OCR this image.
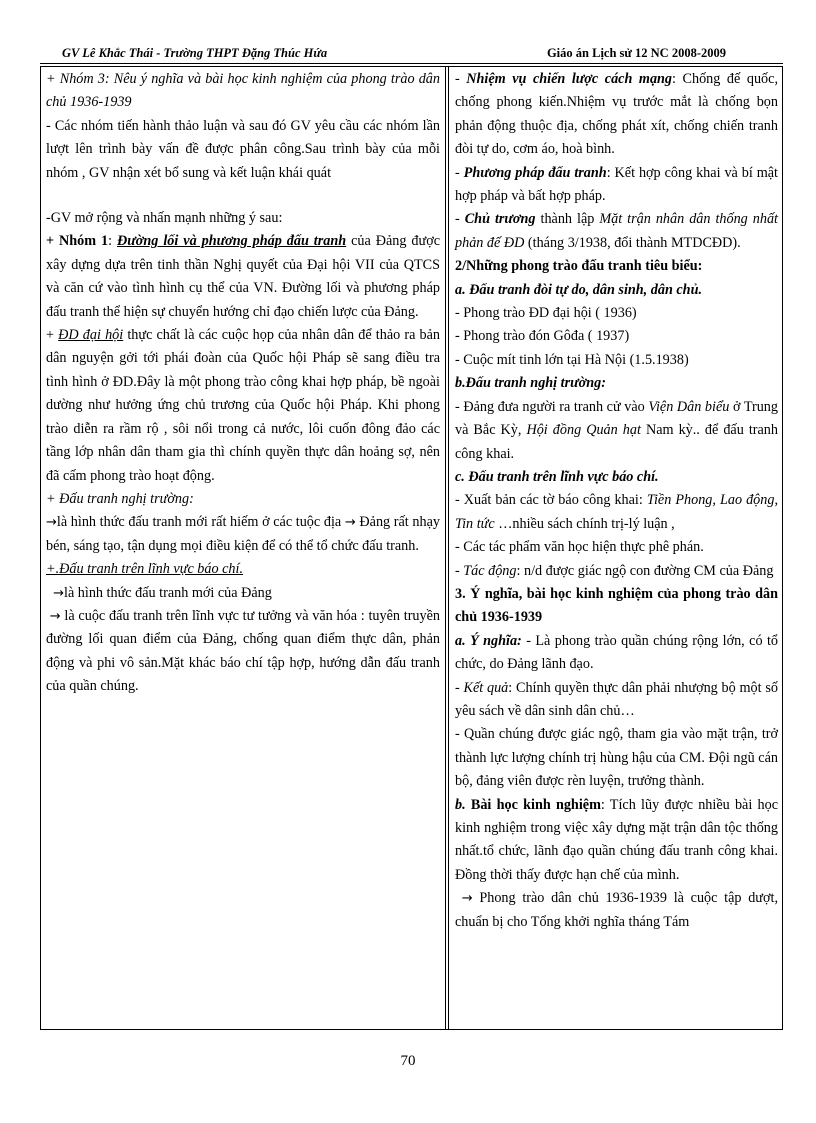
GV Lê Khắc Thái - Trường THPT Đặng Thúc Hứa	Giáo án Lịch sử 12 NC 2008-2009

+ Nhóm 3: Nêu ý nghĩa và bài học kinh nghiệm của phong trào dân chủ 1936-1939

- Các nhóm tiến hành thảo luận và sau đó GV yêu cầu các nhóm lần lượt lên trình bày vấn đề được phân công.Sau trình bày của mỗi nhóm , GV nhận xét bổ sung và kết luận khái quát

-GV mở rộng và nhấn mạnh những ý sau:

+ Nhóm 1: Đường lối và phương pháp đấu tranh của Đảng được xây dựng dựa trên tinh thần Nghị quyết của Đại hội VII của QTCS và căn cứ vào tình hình cụ thể của VN. Đường lối và phương pháp đấu tranh thể hiện sự chuyển hướng chỉ đạo chiến lược của Đảng.

+ ĐD đại hội thực chất là các cuộc họp của nhân dân để thảo ra bản dân nguyện gởi tới phái đoàn của Quốc hội Pháp sẽ sang điều tra tình hình ở ĐD.Đây là một phong trào công khai hợp pháp, bề ngoài dường như hưởng ứng chủ trương của Quốc hội Pháp. Khi phong trào diễn ra rầm rộ , sôi nổi trong cả nước, lôi cuốn đông đảo các tầng lớp nhân dân tham gia thì chính quyền thực dân hoảng sợ, nên đã cấm phong trào hoạt động.

+ Đấu tranh nghị trường:

→là hình thức đấu tranh mới rất hiếm ở các tuộc địa → Đảng rất nhạy bén, sáng tạo, tận dụng mọi điều kiện để có thể tổ chức đấu tranh.

+.Đấu tranh trên lĩnh vực báo chí.

→là hình thức đấu tranh mới của Đảng

→ là cuộc đấu tranh trên lĩnh vực tư tưởng và văn hóa : tuyên truyền đường lối quan điểm của Đảng, chống quan điểm thực dân, phản động và phi vô sản.Mặt khác báo chí tập hợp, hướng dẫn đấu tranh của quần chúng.

- Nhiệm vụ chiến lược cách mạng: Chống đế quốc, chống phong kiến.Nhiệm vụ trước mắt là chống bọn phản động thuộc địa, chống phát xít, chống chiến tranh đòi tự do, cơm áo, hoà bình.

- Phương pháp đấu tranh: Kết hợp công khai và bí mật hợp pháp và bất hợp pháp.

- Chủ trương thành lập Mặt trận nhân dân thống nhất phản đế ĐD (tháng 3/1938, đổi thành MTDCĐD).

2/Những phong trào đấu tranh tiêu biểu:

a. Đấu tranh đòi tự do, dân sinh, dân chủ.

- Phong trào ĐD đại hội ( 1936)

- Phong trào đón Gôđa ( 1937)

- Cuộc mít tinh lớn tại Hà Nội (1.5.1938)

b.Đấu tranh nghị trường:

- Đảng đưa người ra tranh cử vào Viện Dân biểu ở Trung và Bắc Kỳ, Hội đồng Quản hạt Nam kỳ.. để đấu tranh công khai.

c. Đấu tranh trên lĩnh vực báo chí.

- Xuất bản các tờ báo công khai: Tiền Phong, Lao động, Tin tức …nhiều sách chính trị-lý luận ,

- Các tác phẩm văn học hiện thực phê phán.

- Tác động: n/d được giác ngộ con đường CM của Đảng

3. Ý nghĩa, bài học kinh nghiệm của phong trào dân chủ 1936-1939

a. Ý nghĩa: - Là phong trào quần chúng rộng lớn, có tổ chức, do Đảng lãnh đạo.

- Kết quả: Chính quyền thực dân phải nhượng bộ một số yêu sách về dân sinh dân chủ…

- Quần chúng được giác ngộ, tham gia vào mặt trận, trở thành lực lượng chính trị hùng hậu của CM. Đội ngũ cán bộ, đảng viên được rèn luyện, trưởng thành.

b. Bài học kinh nghiệm: Tích lũy được nhiều bài học kinh nghiệm trong việc xây dựng mặt trận dân tộc thống nhất.tổ chức, lãnh đạo quần chúng đấu tranh công khai. Đồng thời thấy được hạn chế của mình.

→ Phong trào dân chủ 1936-1939 là cuộc tập dượt, chuẩn bị cho Tổng khởi nghĩa tháng Tám

70
